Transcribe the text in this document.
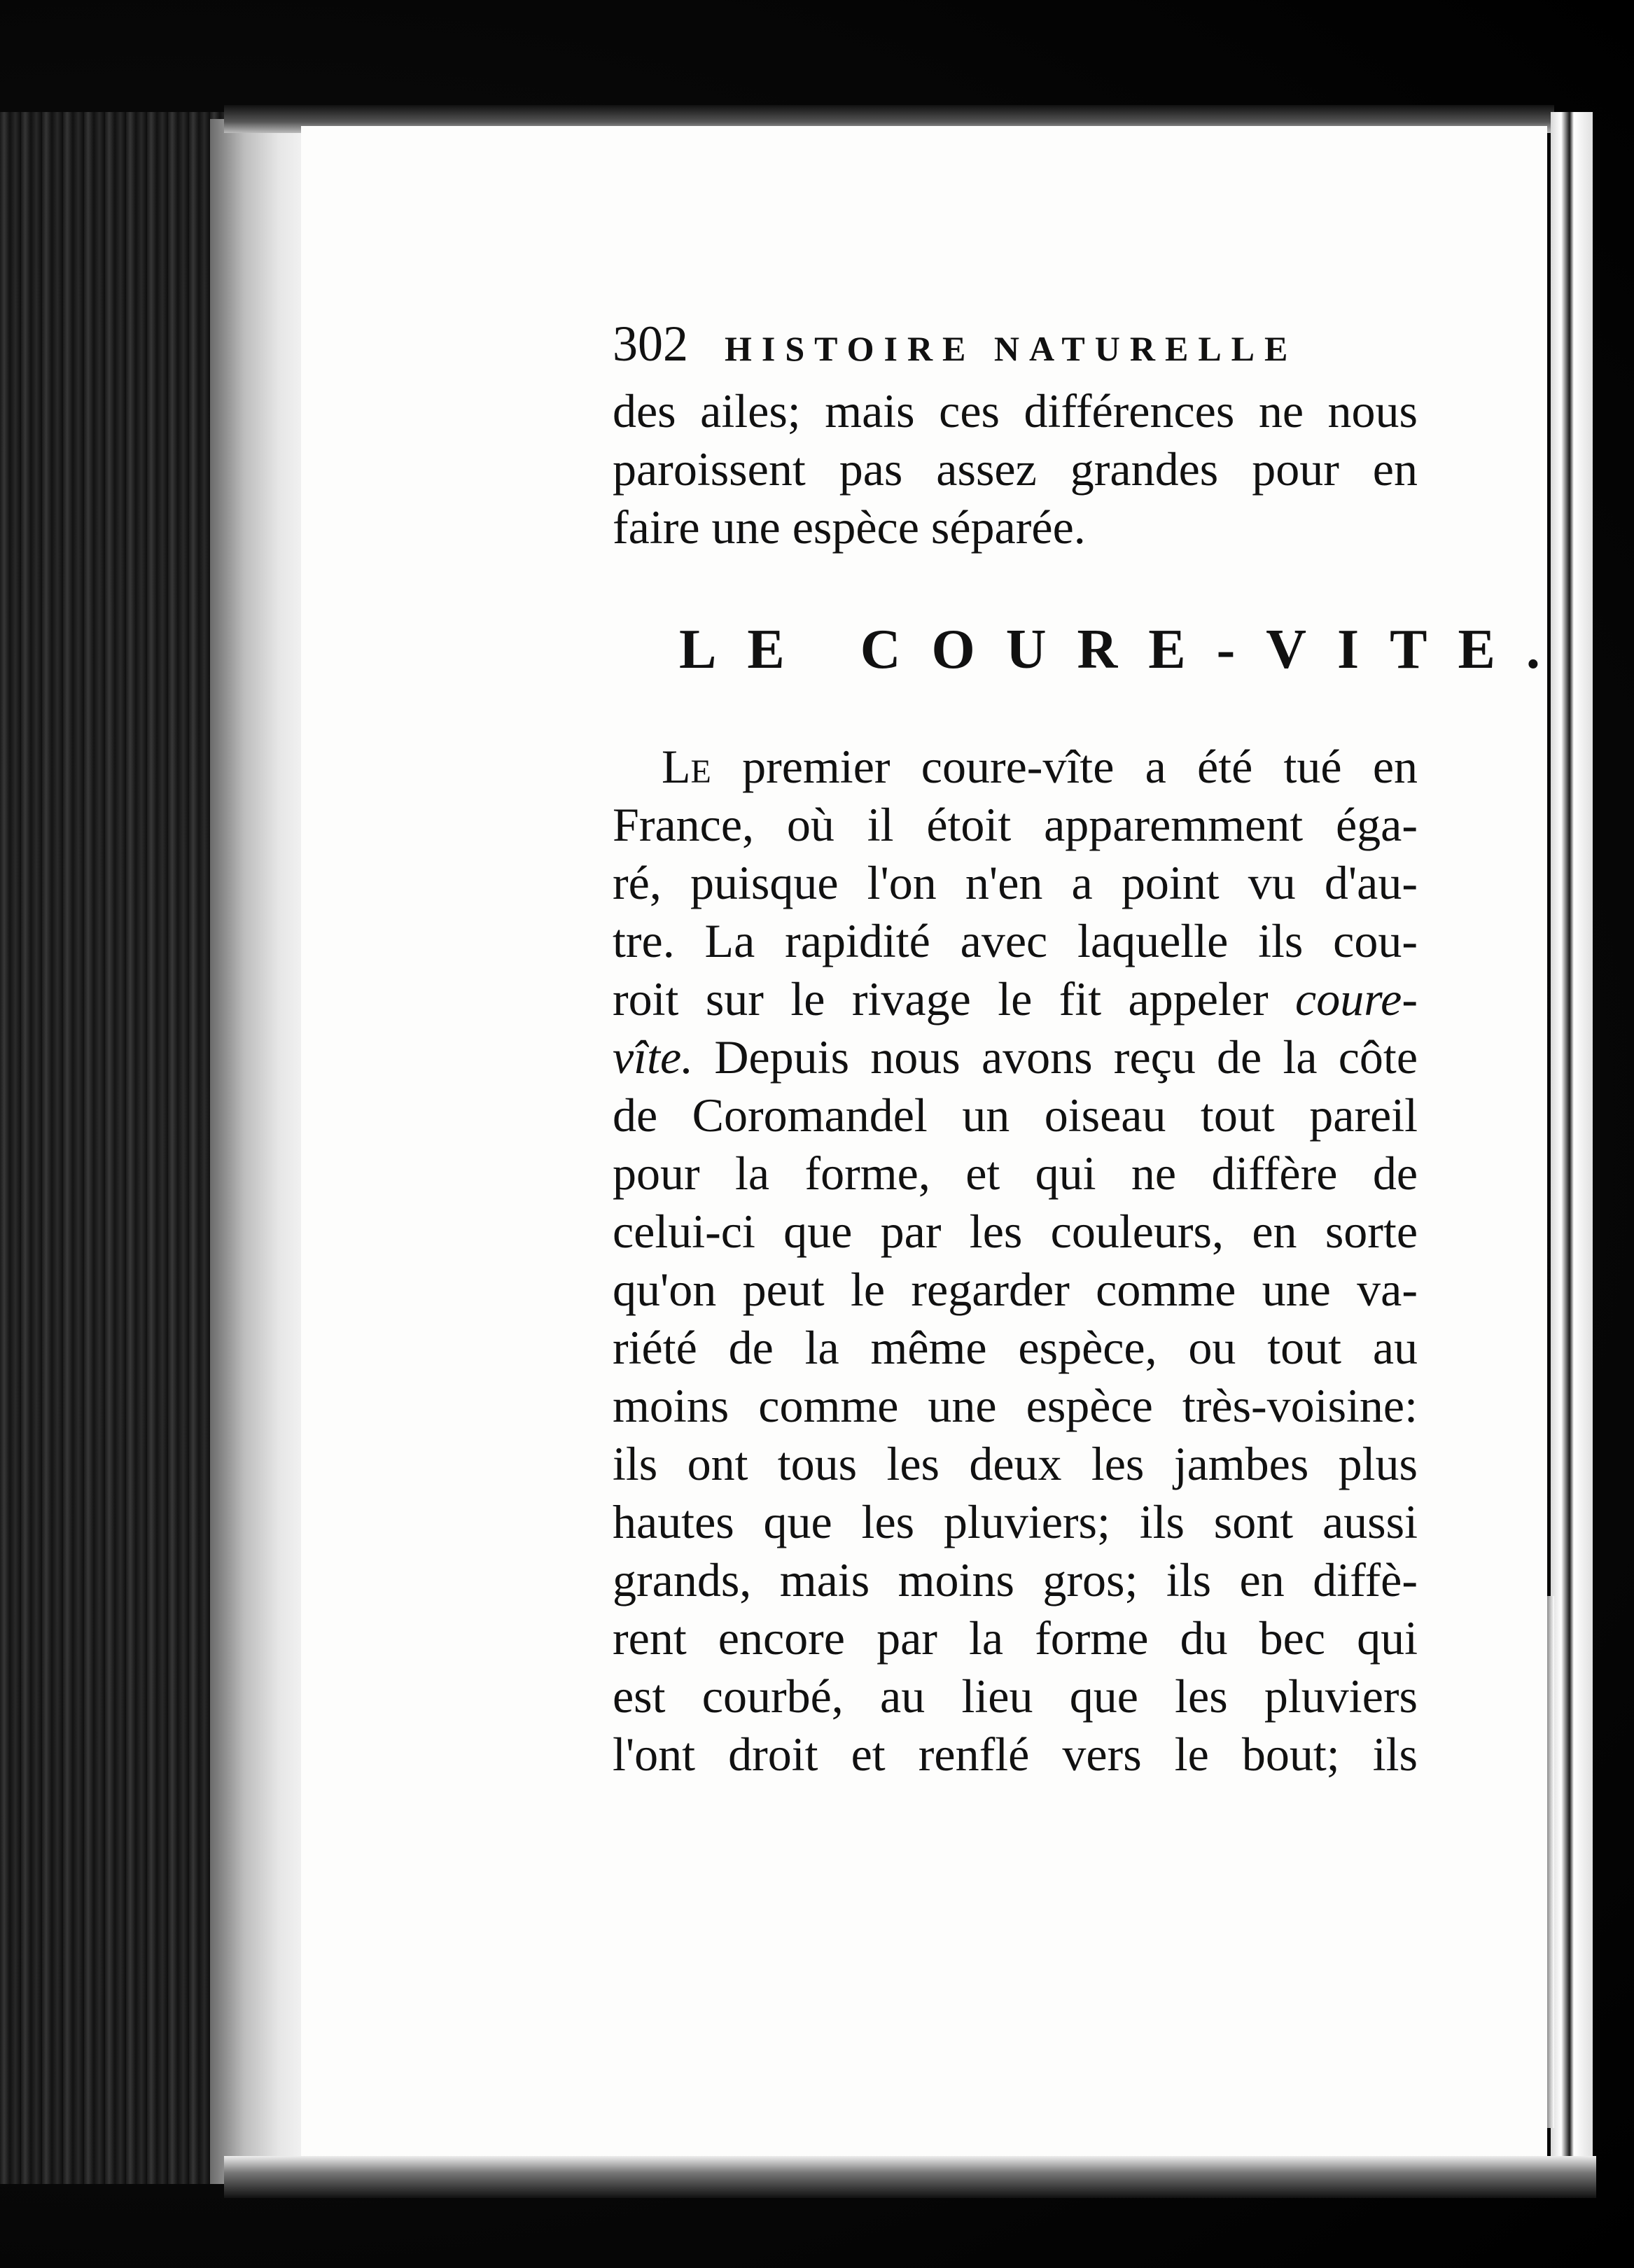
302 HISTOIRE NATURELLE

des ailes; mais ces différences ne nous
paroissent pas assez grandes pour en
faire une espèce séparée.

LE COURE-VITE.

Le premier coure-vîte a été tué en
France, où il étoit apparemment éga-
ré, puisque l'on n'en a point vu d'au-
tre. La rapidité avec laquelle ils cou-
roit sur le rivage le fit appeler coure-
vîte. Depuis nous avons reçu de la côte
de Coromandel un oiseau tout pareil
pour la forme, et qui ne diffère de
celui-ci que par les couleurs, en sorte
qu'on peut le regarder comme une va-
riété de la même espèce, ou tout au
moins comme une espèce très-voisine:
ils ont tous les deux les jambes plus
hautes que les pluviers; ils sont aussi
grands, mais moins gros; ils en diffè-
rent encore par la forme du bec qui
est courbé, au lieu que les pluviers
l'ont droit et renflé vers le bout; ils
